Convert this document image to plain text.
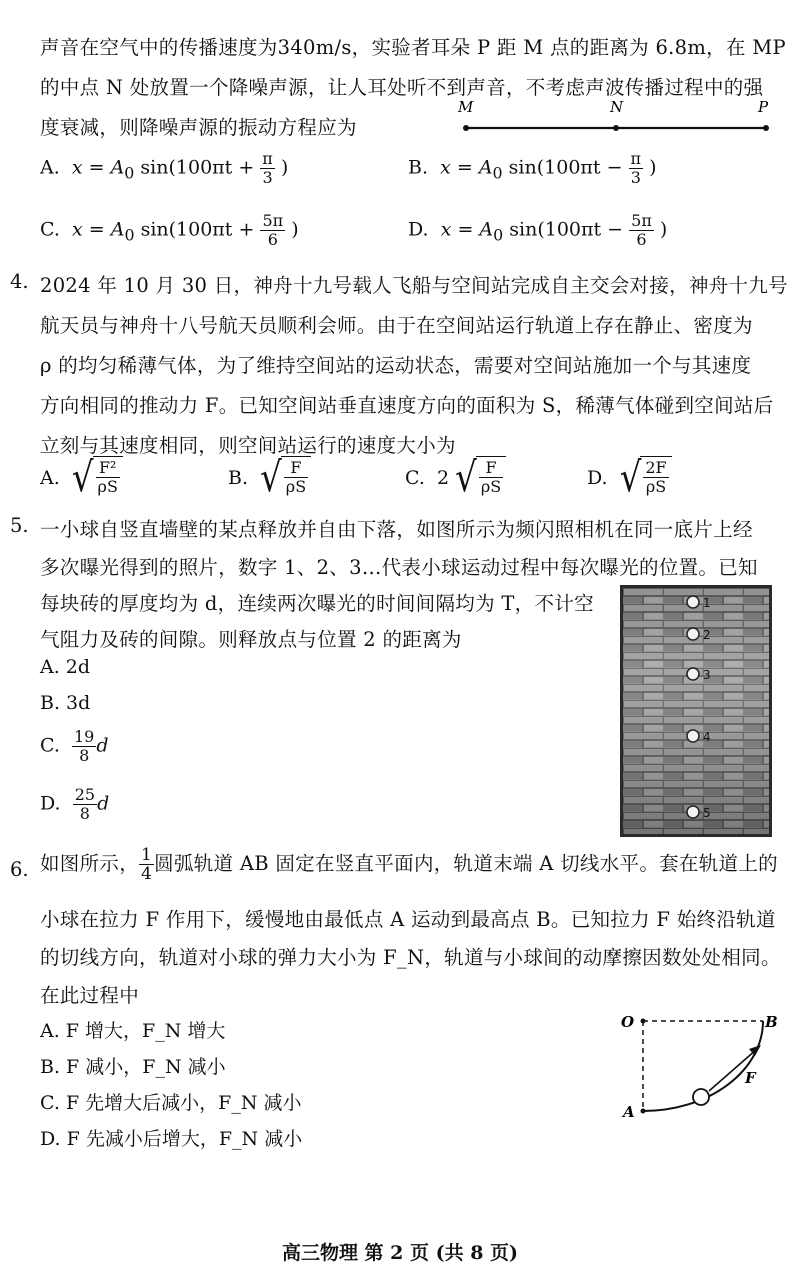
声音在空气中的传播速度为340m/s，实验者耳朵 P 距 M 点的距离为 6.8m，在 MP
的中点 N 处放置一个降噪声源，让人耳处听不到声音，不考虑声波传播过程中的强
度衰减，则降噪声源的振动方程应为
M	N	P
A. $x = A_0$ $\sin(100\pi t + \frac{\pi}{3}$ )	B. $x = A_0$ $\sin(100\pi t - \frac{\pi}{3}$ )
C. $x = A_0$ $\sin(100\pi t + \frac{5\pi}{6}$ )	D. $x = A_0$ $\sin(100\pi t - \frac{5\pi}{6}$ )
4. 2024 年 10 月 30 日，神舟十九号载人飞船与空间站完成自主交会对接，神舟十九号
航天员与神舟十八号航天员顺利会师。由于在空间站运行轨道上存在静止、密度为
ρ 的均匀稀薄气体，为了维持空间站的运动状态，需要对空间站施加一个与其速度
方向相同的推动力 F。已知空间站垂直速度方向的面积为 S，稀薄气体碰到空间站后
立刻与其速度相同，则空间站运行的速度大小为
A. √ $\frac{\text{F²}}{\rho S}$	B. √ $\frac{F}{\rho S}$	C. 2 √ $\frac{F}{\rho S}$	D. √ $\frac{2F}{\rho S}$
5. 一小球自竖直墙壁的某点释放并自由下落，如图所示为频闪照相机在同一底片上经
多次曝光得到的照片，数字 1、2、3…代表小球运动过程中每次曝光的位置。已知
每块砖的厚度均为 d，连续两次曝光的时间间隔均为 T，不计空
气阻力及砖的间隙。则释放点与位置 2 的距离为
A. 2d
B. 3d
C. $\frac{19}{8}$ d
D. $\frac{25}{8}$ d
1
2
3
4
5
6. 如图所示， $\frac{1}{4}$ 圆弧轨道 AB 固定在竖直平面内，轨道末端 A 切线水平。套在轨道上的
小球在拉力 F 作用下，缓慢地由最低点 A 运动到最高点 B。已知拉力 F 始终沿轨道
的切线方向，轨道对小球的弹力大小为 F_N，轨道与小球间的动摩擦因数处处相同。
在此过程中
A. F 增大，F_N 增大
B. F 减小，F_N 减小
C. F 先增大后减小，F_N 减小
D. F 先减小后增大，F_N 减小
O	B
A
F
高三物理 第 2 页 (共 8 页)
